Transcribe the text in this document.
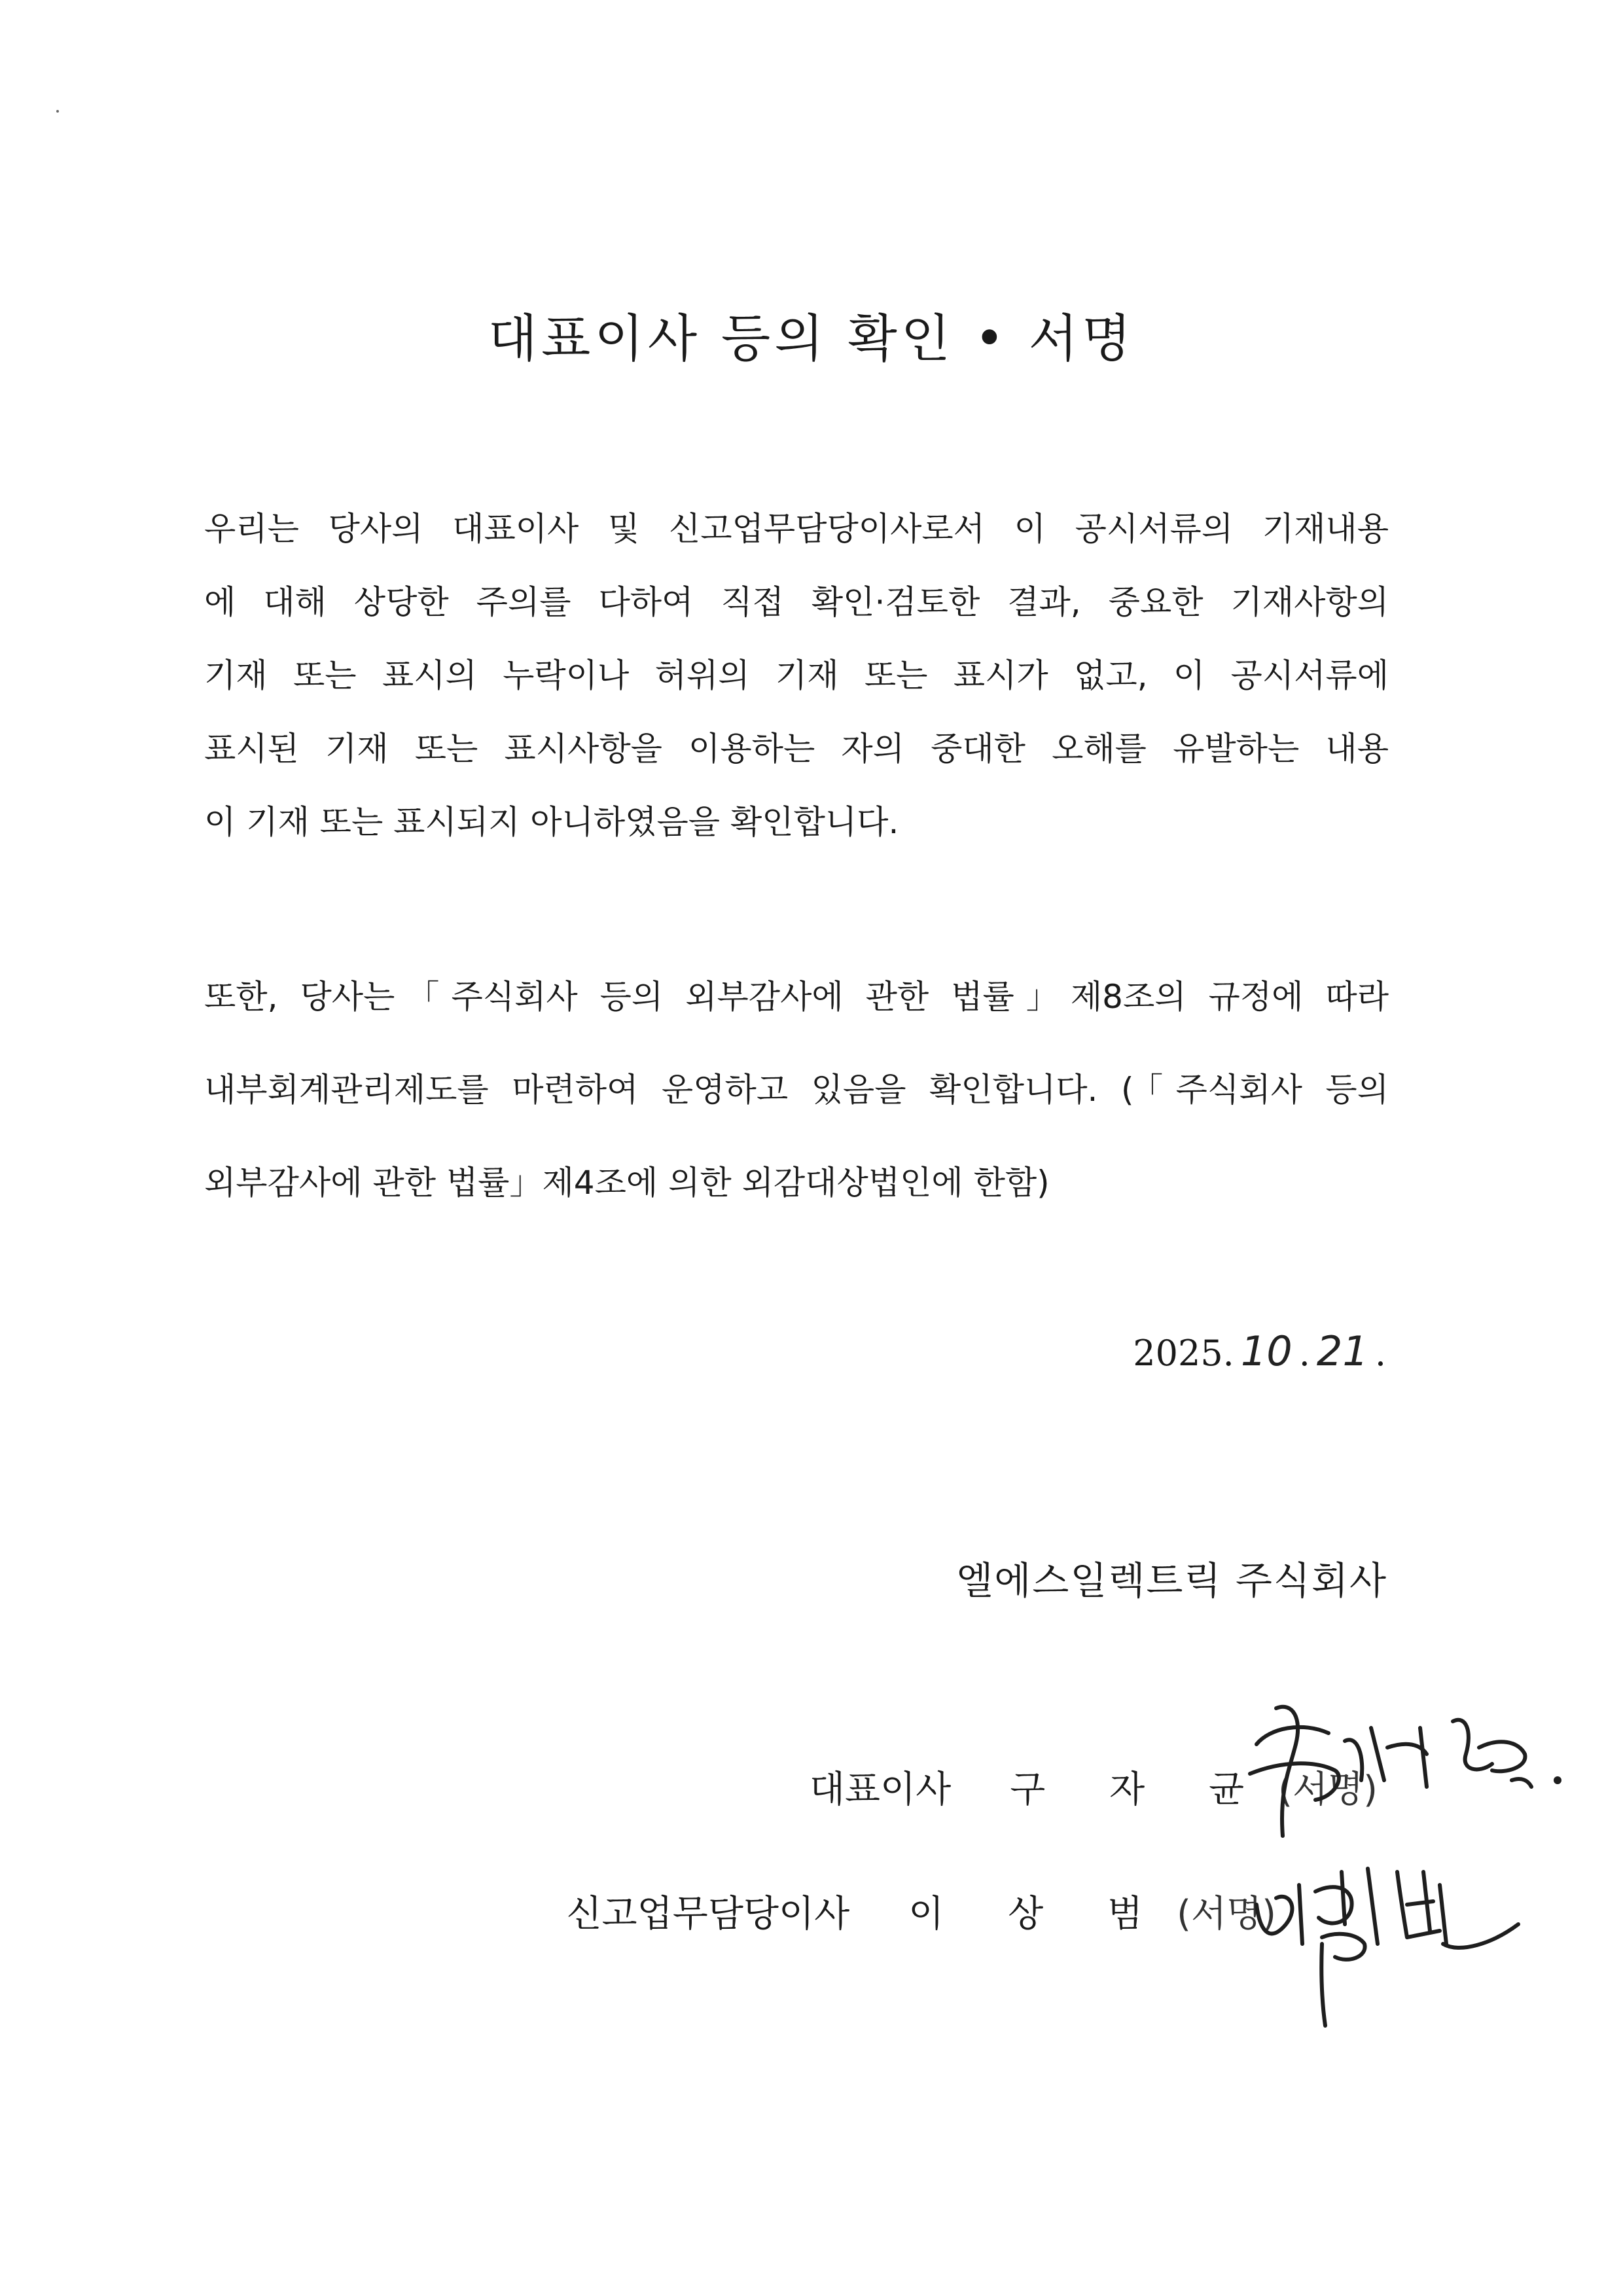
대표이사 등의 확인 • 서명
우리는 당사의 대표이사 및 신고업무담당이사로서 이 공시서류의 기재내용
에 대해 상당한 주의를 다하여 직접 확인·검토한 결과, 중요한 기재사항의
기재 또는 표시의 누락이나 허위의 기재 또는 표시가 없고, 이 공시서류에
표시된 기재 또는 표시사항을 이용하는 자의 중대한 오해를 유발하는 내용
이 기재 또는 표시되지 아니하였음을 확인합니다.
또한, 당사는「주식회사 등의 외부감사에 관한 법률」제8조의 규정에 따라
내부회계관리제도를 마련하여 운영하고 있음을 확인합니다. (「주식회사 등의
외부감사에 관한 법률」제4조에 의한 외감대상법인에 한함)
2025. 10 . 21 .
엘에스일렉트릭 주식회사
대표이사 구 자 균 (서명)
신고업무담당이사 이 상 범 (서명)
